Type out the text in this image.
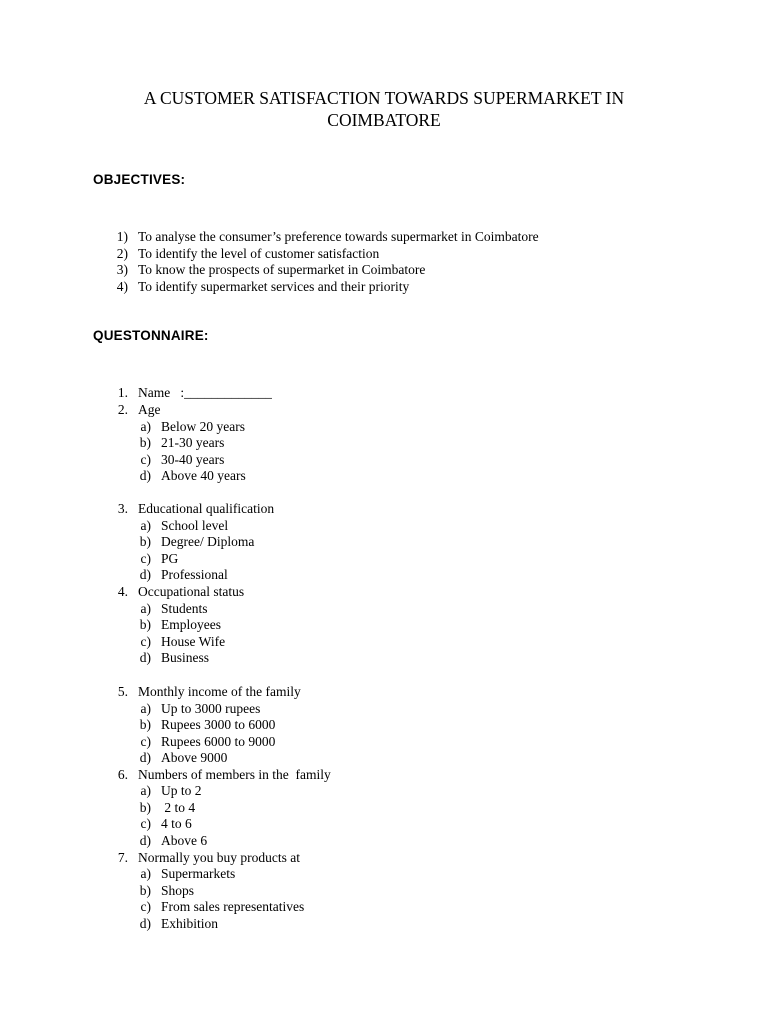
A CUSTOMER SATISFACTION TOWARDS SUPERMARKET IN

COIMBATORE

OBJECTIVES:

1) To analyse the consumer’s preference towards supermarket in Coimbatore
2) To identify the level of customer satisfaction
3) To know the prospects of supermarket in Coimbatore
4) To identify supermarket services and their priority

QUESTONNAIRE:

1. Name   :_____________
2. Age
a) Below 20 years
b) 21-30 years
c) 30-40 years
d) Above 40 years
3. Educational qualification
a) School level
b) Degree/ Diploma
c) PG
d) Professional
4. Occupational status
a) Students
b) Employees
c) House Wife
d) Business
5. Monthly income of the family
a) Up to 3000 rupees
b) Rupees 3000 to 6000
c) Rupees 6000 to 9000
d) Above 9000
6. Numbers of members in the  family
a) Up to 2
b) 2 to 4
c) 4 to 6
d) Above 6
7. Normally you buy products at
a) Supermarkets
b) Shops
c) From sales representatives
d) Exhibition
